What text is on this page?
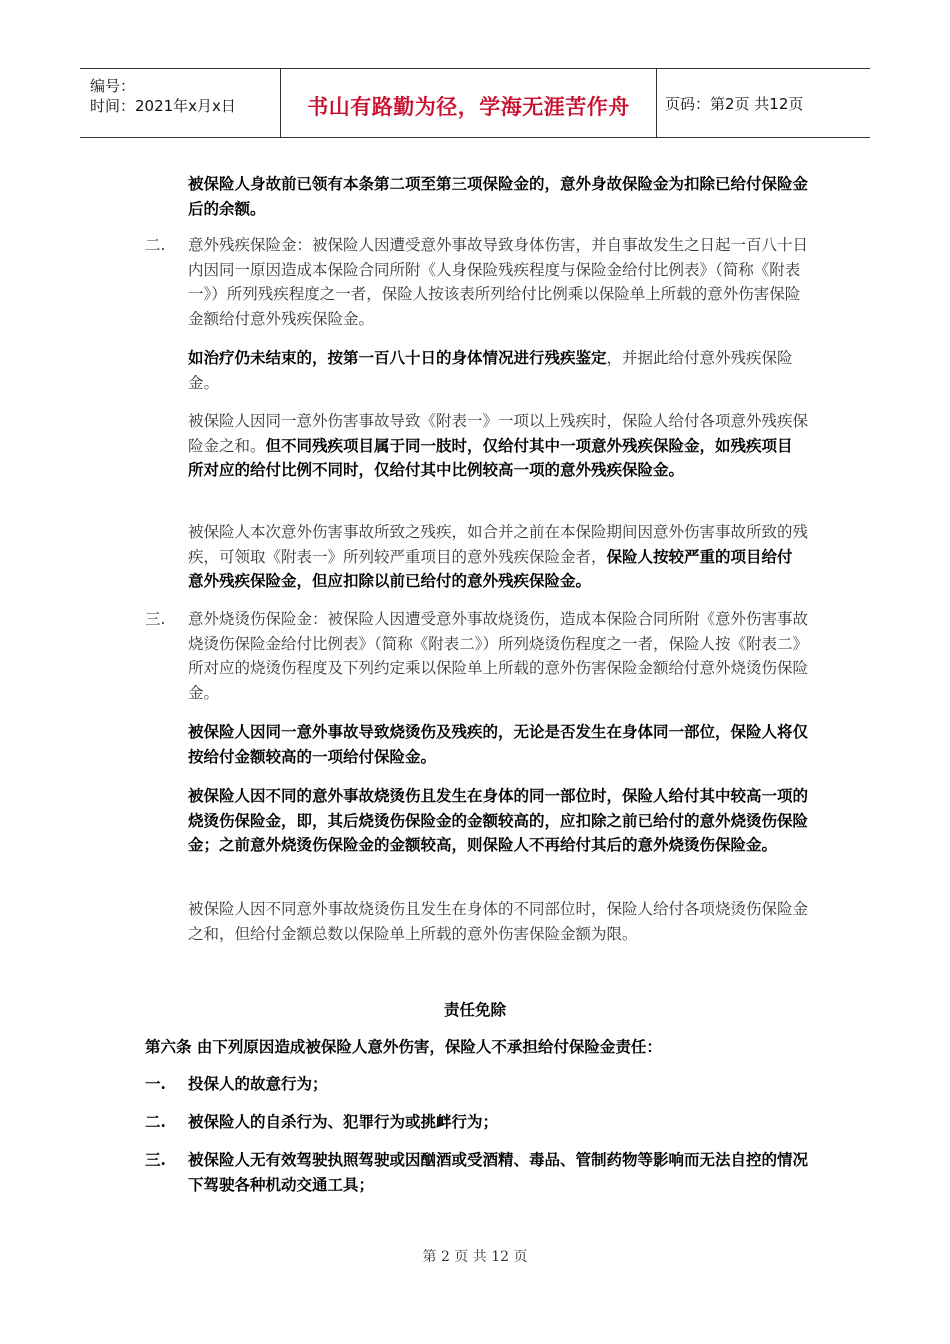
编号：
时间：2021年x月x日	书山有路勤为径，学海无涯苦作舟	页码：第2页 共12页

被保险人身故前已领有本条第二项至第三项保险金的，意外身故保险金为扣除已给付保险金后的余额。

二. 意外残疾保险金：被保险人因遭受意外事故导致身体伤害，并自事故发生之日起一百八十日内因同一原因造成本保险合同所附《人身保险残疾程度与保险金给付比例表》（简称《附表一》）所列残疾程度之一者，保险人按该表所列给付比例乘以保险单上所载的意外伤害保险金额给付意外残疾保险金。

如治疗仍未结束的，按第一百八十日的身体情况进行残疾鉴定，并据此给付意外残疾保险金。

被保险人因同一意外伤害事故导致《附表一》一项以上残疾时，保险人给付各项意外残疾保险金之和。但不同残疾项目属于同一肢时，仅给付其中一项意外残疾保险金，如残疾项目所对应的给付比例不同时，仅给付其中比例较高一项的意外残疾保险金。

被保险人本次意外伤害事故所致之残疾，如合并之前在本保险期间因意外伤害事故所致的残疾，可领取《附表一》所列较严重项目的意外残疾保险金者，保险人按较严重的项目给付意外残疾保险金，但应扣除以前已给付的意外残疾保险金。

三. 意外烧烫伤保险金：被保险人因遭受意外事故烧烫伤，造成本保险合同所附《意外伤害事故烧烫伤保险金给付比例表》（简称《附表二》）所列烧烫伤程度之一者，保险人按《附表二》所对应的烧烫伤程度及下列约定乘以保险单上所载的意外伤害保险金额给付意外烧烫伤保险金。

被保险人因同一意外事故导致烧烫伤及残疾的，无论是否发生在身体同一部位，保险人将仅按给付金额较高的一项给付保险金。

被保险人因不同的意外事故烧烫伤且发生在身体的同一部位时，保险人给付其中较高一项的烧烫伤保险金，即，其后烧烫伤保险金的金额较高的，应扣除之前已给付的意外烧烫伤保险金；之前意外烧烫伤保险金的金额较高，则保险人不再给付其后的意外烧烫伤保险金。

被保险人因不同意外事故烧烫伤且发生在身体的不同部位时，保险人给付各项烧烫伤保险金之和，但给付金额总数以保险单上所载的意外伤害保险金额为限。

责任免除
第六条 由下列原因造成被保险人意外伤害，保险人不承担给付保险金责任：
一. 投保人的故意行为；

二. 被保险人的自杀行为、犯罪行为或挑衅行为；

三. 被保险人无有效驾驶执照驾驶或因酗酒或受酒精、毒品、管制药物等影响而无法自控的情况下驾驶各种机动交通工具；

第 2 页 共 12 页
